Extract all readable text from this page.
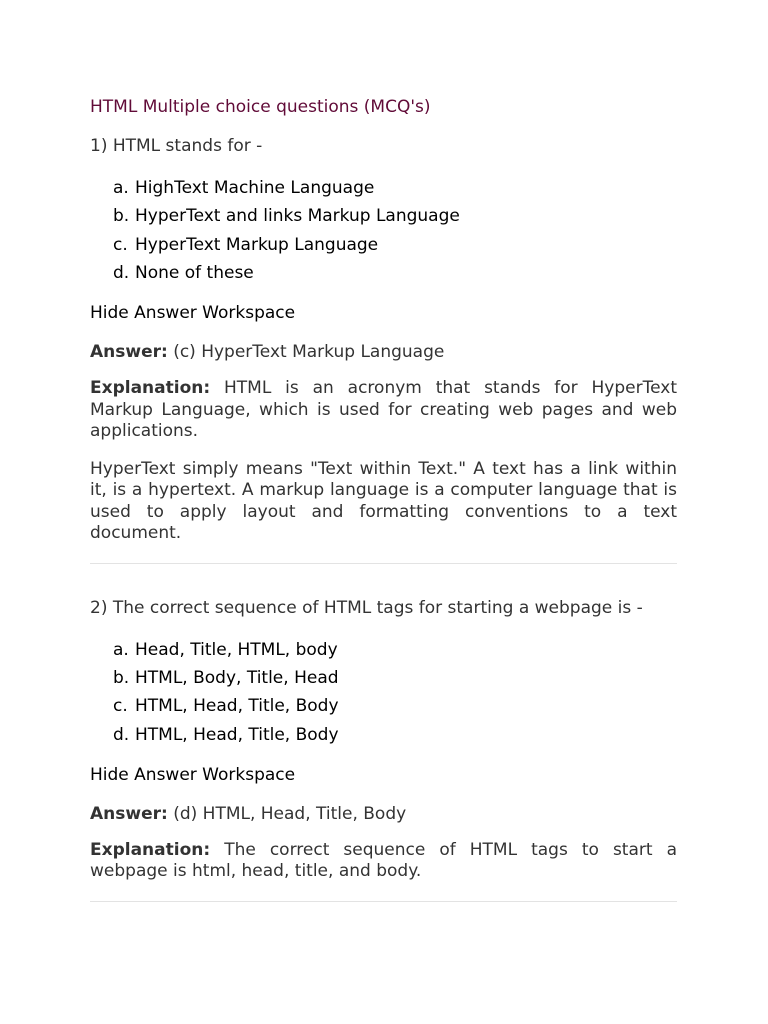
HTML Multiple choice questions (MCQ's)

1) HTML stands for -

a. HighText Machine Language
b. HyperText and links Markup Language
c. HyperText Markup Language
d. None of these

Hide Answer Workspace

Answer: (c) HyperText Markup Language

Explanation: HTML is an acronym that stands for HyperText Markup Language, which is used for creating web pages and web applications.

HyperText simply means "Text within Text." A text has a link within it, is a hypertext. A markup language is a computer language that is used to apply layout and formatting conventions to a text document.

2) The correct sequence of HTML tags for starting a webpage is -

a. Head, Title, HTML, body
b. HTML, Body, Title, Head
c. HTML, Head, Title, Body
d. HTML, Head, Title, Body

Hide Answer Workspace

Answer: (d) HTML, Head, Title, Body

Explanation: The correct sequence of HTML tags to start a webpage is html, head, title, and body.
